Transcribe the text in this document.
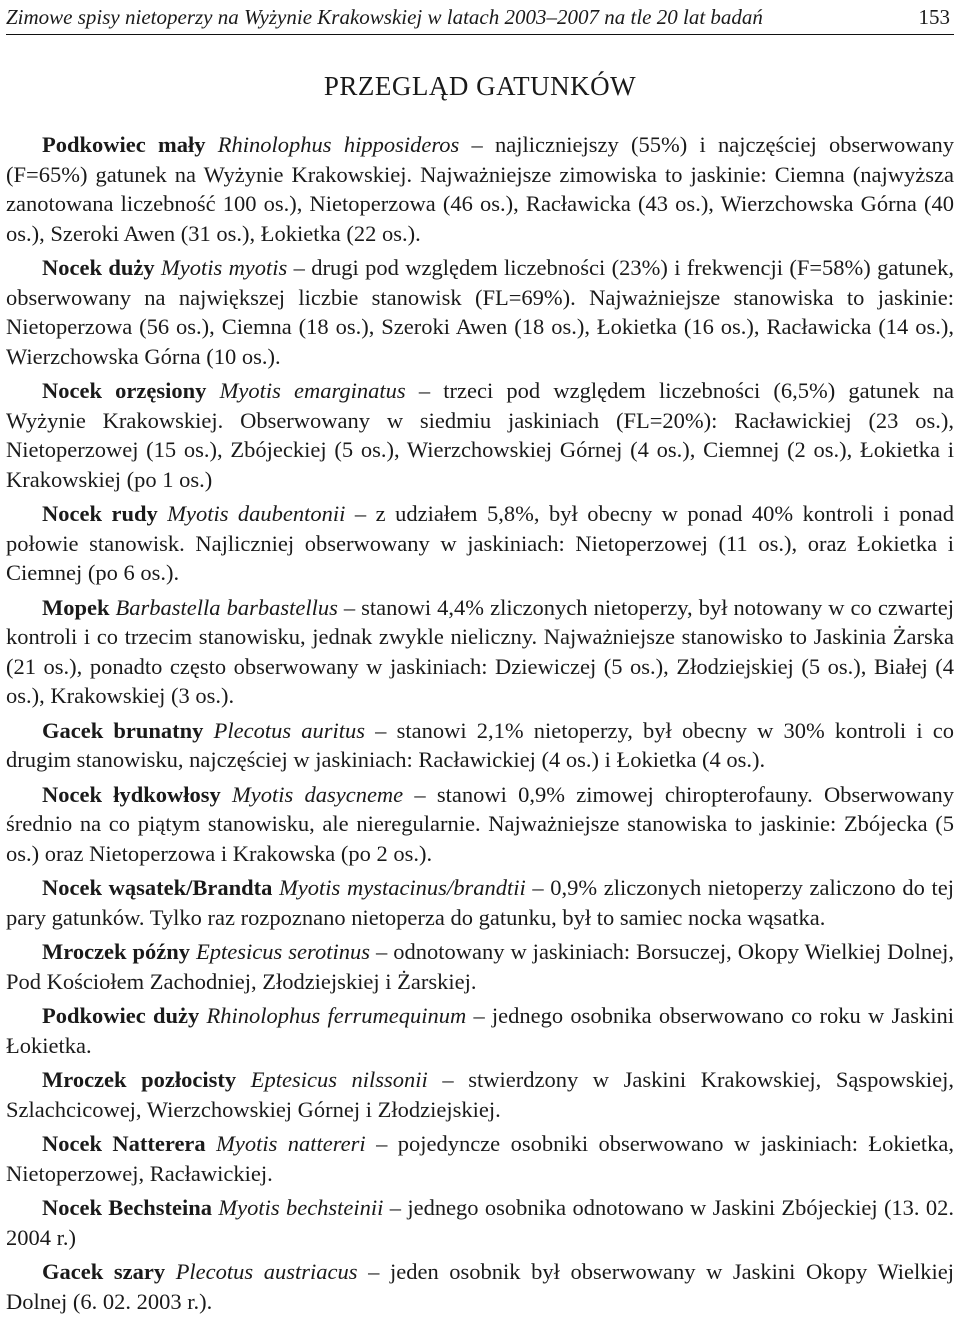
Zimowe spisy nietoperzy na Wyżynie Krakowskiej w latach 2003–2007 na tle 20 lat badań	153
PRZEGLĄD GATUNKÓW

Podkowiec mały Rhinolophus hipposideros – najliczniejszy (55%) i najczęściej obserwowany (F=65%) gatunek na Wyżynie Krakowskiej. Najważniejsze zimowiska to jaskinie: Ciemna (najwyższa zanotowana liczebność 100 os.), Nietoperzowa (46 os.), Racławicka (43 os.), Wierzchowska Górna (40 os.), Szeroki Awen (31 os.), Łokietka (22 os.).

Nocek duży Myotis myotis – drugi pod względem liczebności (23%) i frekwencji (F=58%) gatunek, obserwowany na największej liczbie stanowisk (FL=69%). Najważniejsze stanowiska to jaskinie: Nietoperzowa (56 os.), Ciemna (18 os.), Szeroki Awen (18 os.), Łokietka (16 os.), Racławicka (14 os.), Wierzchowska Górna (10 os.).

Nocek orzęsiony Myotis emarginatus – trzeci pod względem liczebności (6,5%) gatunek na Wyżynie Krakowskiej. Obserwowany w siedmiu jaskiniach (FL=20%): Racławickiej (23 os.), Nietoperzowej (15 os.), Zbójeckiej (5 os.), Wierzchowskiej Górnej (4 os.), Ciemnej (2 os.), Łokietka i Krakowskiej (po 1 os.)

Nocek rudy Myotis daubentonii – z udziałem 5,8%, był obecny w ponad 40% kontroli i ponad połowie stanowisk. Najliczniej obserwowany w jaskiniach: Nietoperzowej (11 os.), oraz Łokietka i Ciemnej (po 6 os.).

Mopek Barbastella barbastellus – stanowi 4,4% zliczonych nietoperzy, był notowany w co czwartej kontroli i co trzecim stanowisku, jednak zwykle nieliczny. Najważniejsze stanowisko to Jaskinia Żarska (21 os.), ponadto często obserwowany w jaskiniach: Dziewiczej (5 os.), Złodziejskiej (5 os.), Białej (4 os.), Krakowskiej (3 os.).

Gacek brunatny Plecotus auritus – stanowi 2,1% nietoperzy, był obecny w 30% kontroli i co drugim stanowisku, najczęściej w jaskiniach: Racławickiej (4 os.) i Łokietka (4 os.).

Nocek łydkowłosy Myotis dasycneme – stanowi 0,9% zimowej chiropterofauny. Obserwowany średnio na co piątym stanowisku, ale nieregularnie. Najważniejsze stanowiska to jaskinie: Zbójecka (5 os.) oraz Nietoperzowa i Krakowska (po 2 os.).

Nocek wąsatek/Brandta Myotis mystacinus/brandtii – 0,9% zliczonych nietoperzy zaliczono do tej pary gatunków. Tylko raz rozpoznano nietoperza do gatunku, był to samiec nocka wąsatka.

Mroczek późny Eptesicus serotinus – odnotowany w jaskiniach: Borsuczej, Okopy Wielkiej Dolnej, Pod Kościołem Zachodniej, Złodziejskiej i Żarskiej.

Podkowiec duży Rhinolophus ferrumequinum – jednego osobnika obserwowano co roku w Jaskini Łokietka.

Mroczek pozłocisty Eptesicus nilssonii – stwierdzony w Jaskini Krakowskiej, Sąspowskiej, Szlachcicowej, Wierzchowskiej Górnej i Złodziejskiej.

Nocek Natterera Myotis nattereri – pojedyncze osobniki obserwowano w jaskiniach: Łokietka, Nietoperzowej, Racławickiej.

Nocek Bechsteina Myotis bechsteinii – jednego osobnika odnotowano w Jaskini Zbójeckiej (13. 02. 2004 r.)

Gacek szary Plecotus austriacus – jeden osobnik był obserwowany w Jaskini Okopy Wielkiej Dolnej (6. 02. 2003 r.).
